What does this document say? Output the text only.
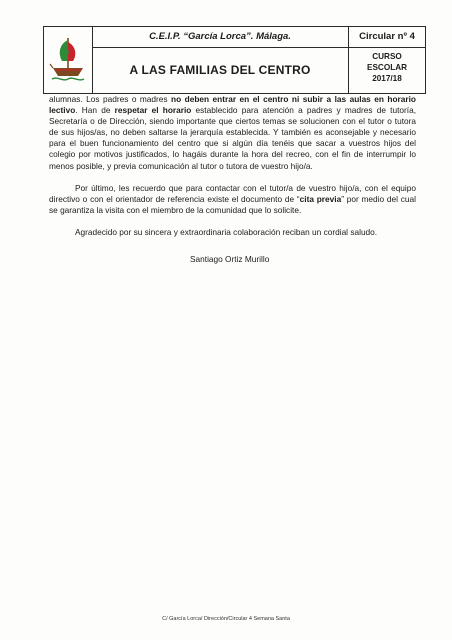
C.E.I.P. “García Lorca”. Málaga.	Circular nº 4
A LAS FAMILIAS DEL CENTRO
CURSO
ESCOLAR
2017/18

alumnas. Los padres o madres no deben entrar en el centro ni subir a las aulas en horario lectivo. Han de respetar el horario establecido para atención a padres y madres de tutoría, Secretaría o de Dirección, siendo importante que ciertos temas se solucionen con el tutor o tutora de sus hijos/as, no deben saltarse la jerarquía establecida. Y también es aconsejable y necesario para el buen funcionamiento del centro que si algún día tenéis que sacar a vuestros hijos del colegio por motivos justificados, lo hagáis durante la hora del recreo, con el fin de interrumpir lo menos posible, y previa comunicación al tutor o tutora de vuestro hijo/a.

Por último, les recuerdo que para contactar con el tutor/a de vuestro hijo/a, con el equipo directivo o con el orientador de referencia existe el documento de “cita previa” por medio del cual se garantiza la visita con el miembro de la comunidad que lo solicite.

Agradecido por su sincera y extraordinaria colaboración reciban un cordial saludo.

Santiago Ortiz Murillo
C/ García Lorca/ Dirección/Circular 4 Semana Santa
